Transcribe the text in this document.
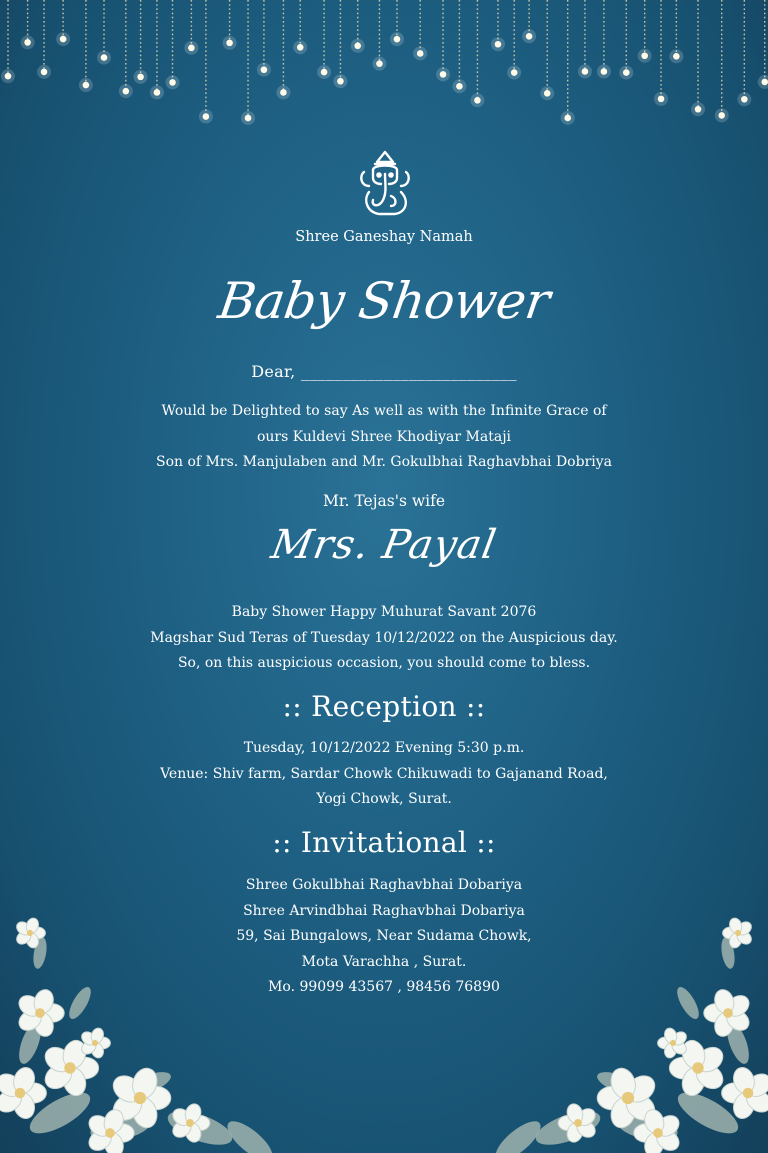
Shree Ganeshay Namah
Baby Shower
Dear, __________________________
Would be Delighted to say As well as with the Infinite Grace of
ours Kuldevi Shree Khodiyar Mataji
Son of Mrs. Manjulaben and Mr. Gokulbhai Raghavbhai Dobriya
Mr. Tejas's wife
Mrs. Payal
Baby Shower Happy Muhurat Savant 2076
Magshar Sud Teras of Tuesday 10/12/2022 on the Auspicious day.
So, on this auspicious occasion, you should come to bless.
:: Reception ::
Tuesday, 10/12/2022 Evening 5:30 p.m.
Venue: Shiv farm, Sardar Chowk Chikuwadi to Gajanand Road,
Yogi Chowk, Surat.
:: Invitational ::
Shree Gokulbhai Raghavbhai Dobariya
Shree Arvindbhai Raghavbhai Dobariya
59, Sai Bungalows, Near Sudama Chowk,
Mota Varachha , Surat.
Mo. 99099 43567 , 98456 76890
